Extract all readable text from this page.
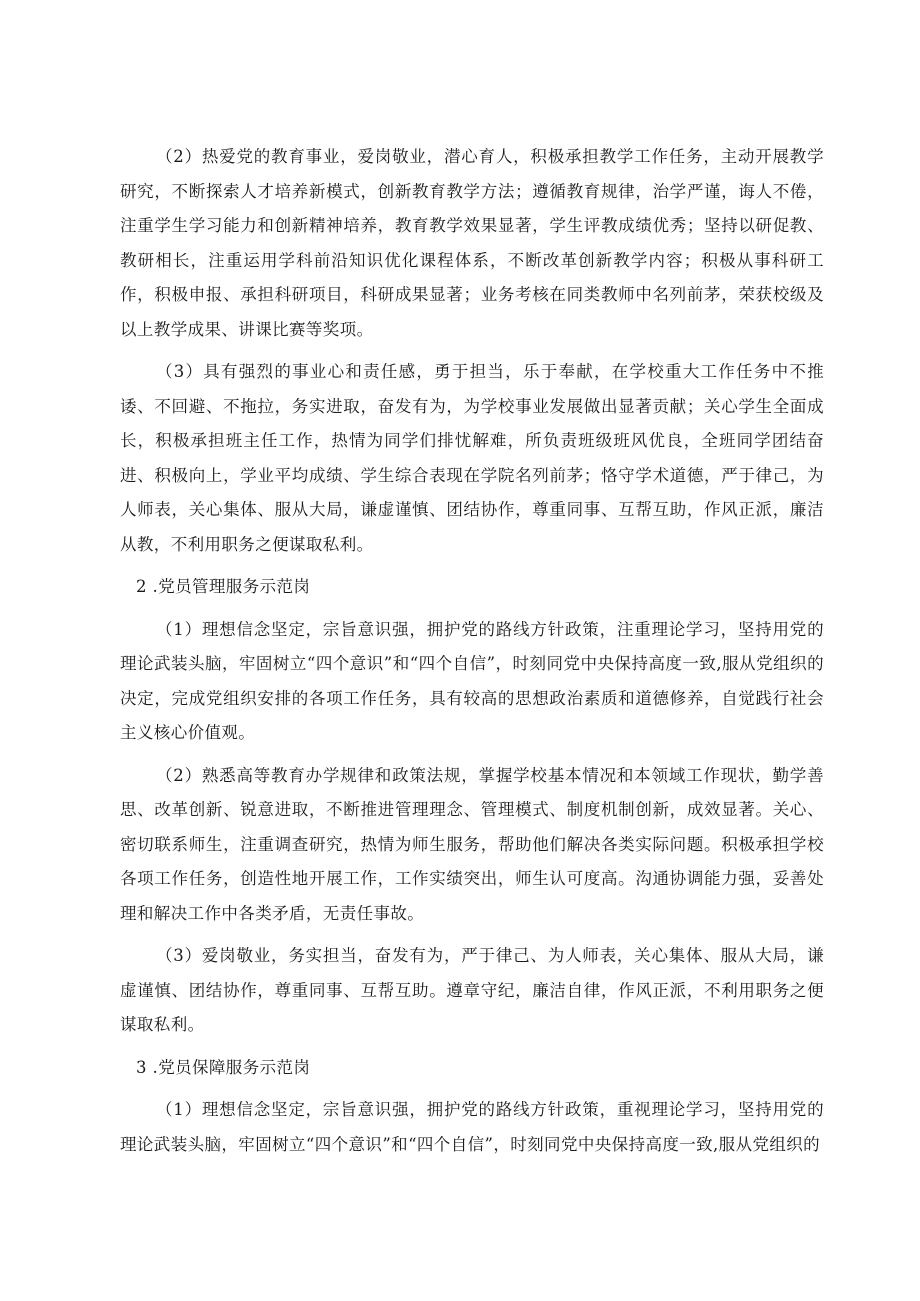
（2）热爱党的教育事业，爱岗敬业，潜心育人，积极承担教学工作任务，主动开展教学研究，不断探索人才培养新模式，创新教育教学方法；遵循教育规律，治学严谨，诲人不倦，注重学生学习能力和创新精神培养，教育教学效果显著，学生评教成绩优秀；坚持以研促教、教研相长，注重运用学科前沿知识优化课程体系，不断改革创新教学内容；积极从事科研工作，积极申报、承担科研项目，科研成果显著；业务考核在同类教师中名列前茅，荣获校级及以上教学成果、讲课比赛等奖项。

（3）具有强烈的事业心和责任感，勇于担当，乐于奉献，在学校重大工作任务中不推诿、不回避、不拖拉，务实进取，奋发有为，为学校事业发展做出显著贡献；关心学生全面成长，积极承担班主任工作，热情为同学们排忧解难，所负责班级班风优良，全班同学团结奋进、积极向上，学业平均成绩、学生综合表现在学院名列前茅；恪守学术道德，严于律己，为人师表，关心集体、服从大局，谦虚谨慎、团结协作，尊重同事、互帮互助，作风正派，廉洁从教，不利用职务之便谋取私利。

2 .党员管理服务示范岗

（1）理想信念坚定，宗旨意识强，拥护党的路线方针政策，注重理论学习，坚持用党的理论武装头脑，牢固树立“四个意识”和“四个自信”，时刻同党中央保持高度一致,服从党组织的决定，完成党组织安排的各项工作任务，具有较高的思想政治素质和道德修养，自觉践行社会主义核心价值观。

（2）熟悉高等教育办学规律和政策法规，掌握学校基本情况和本领域工作现状，勤学善思、改革创新、锐意进取，不断推进管理理念、管理模式、制度机制创新，成效显著。关心、密切联系师生，注重调查研究，热情为师生服务，帮助他们解决各类实际问题。积极承担学校各项工作任务，创造性地开展工作，工作实绩突出，师生认可度高。沟通协调能力强，妥善处理和解决工作中各类矛盾，无责任事故。

（3）爱岗敬业，务实担当，奋发有为，严于律己、为人师表，关心集体、服从大局，谦虚谨慎、团结协作，尊重同事、互帮互助。遵章守纪，廉洁自律，作风正派，不利用职务之便谋取私利。

3 .党员保障服务示范岗

（1）理想信念坚定，宗旨意识强，拥护党的路线方针政策，重视理论学习，坚持用党的理论武装头脑，牢固树立“四个意识”和“四个自信”，时刻同党中央保持高度一致,服从党组织的
